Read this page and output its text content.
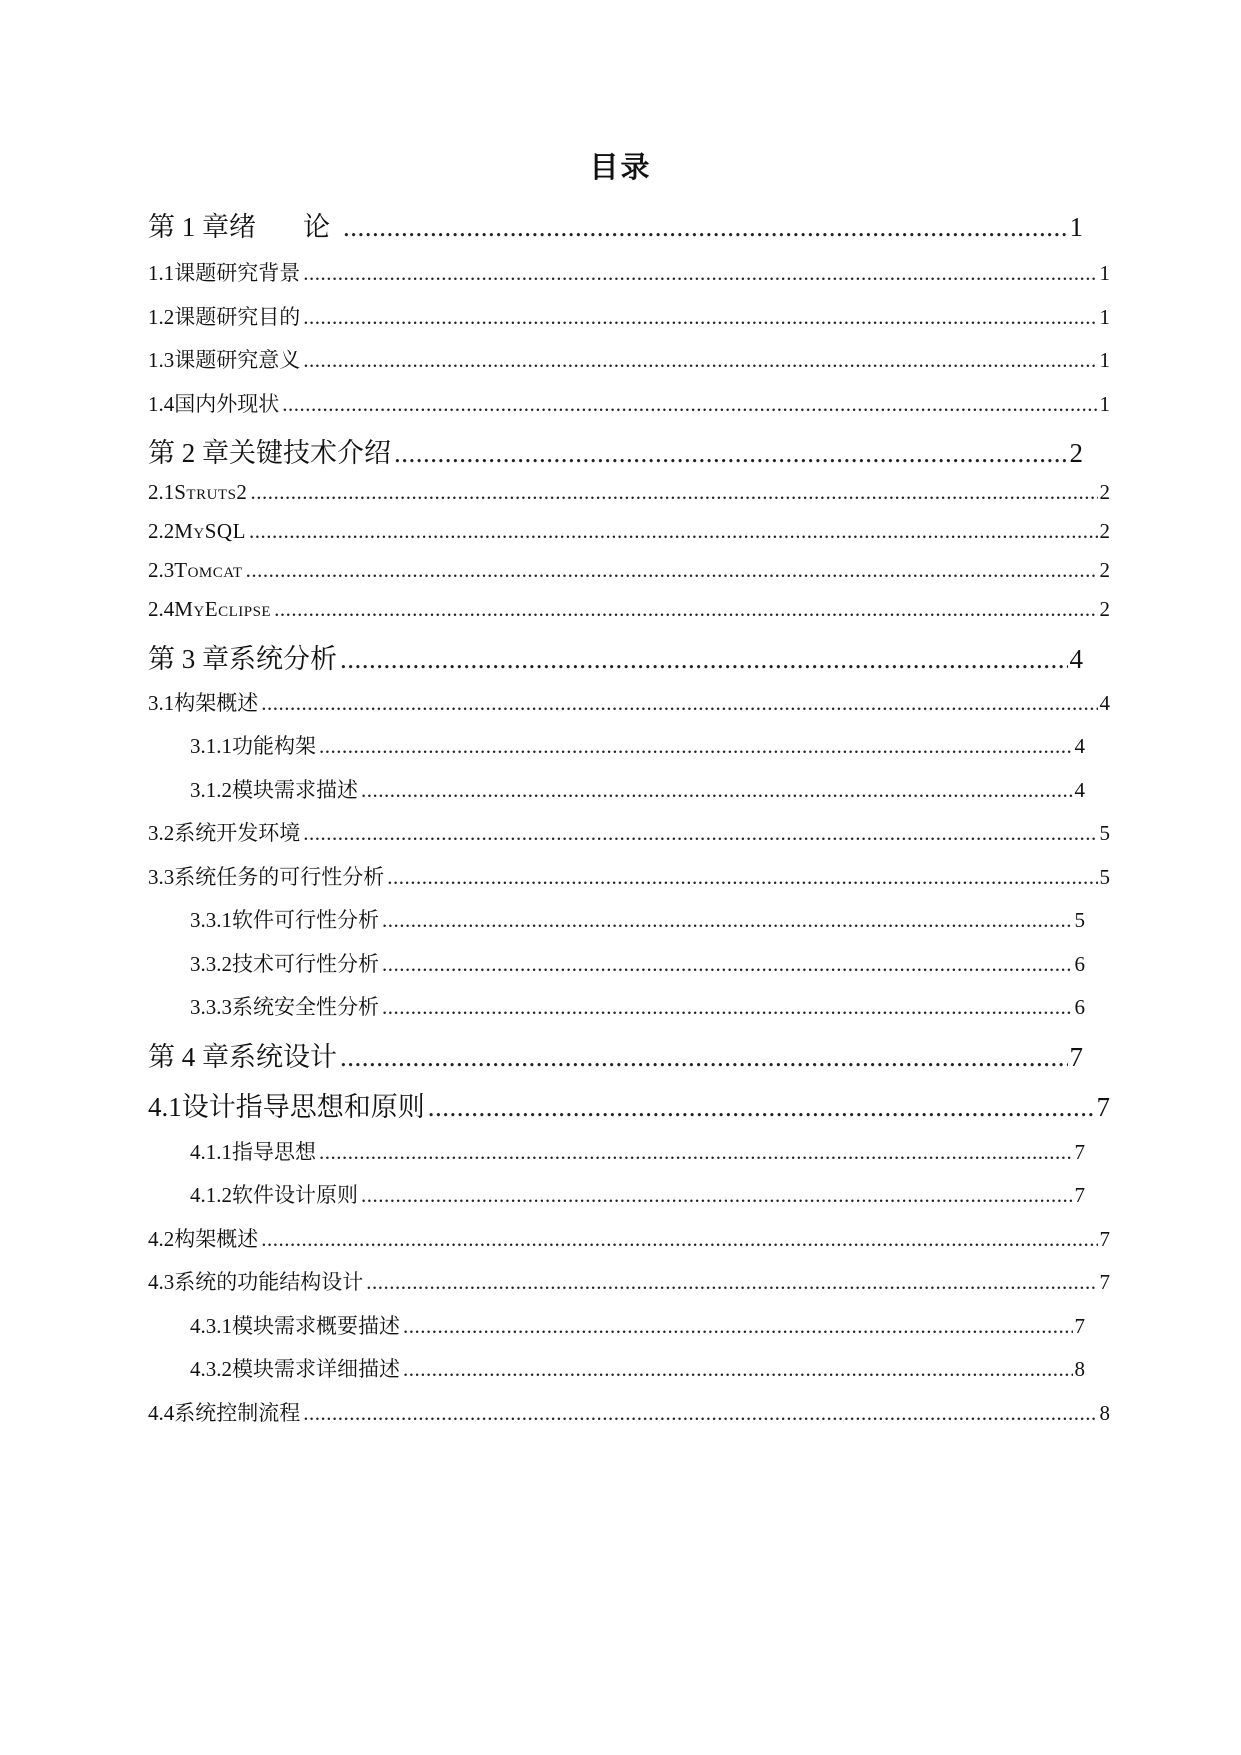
目录
第 1 章 绪　论 .....	1
1.1 课题研究背景 .....	1
1.2 课题研究目的 .....	1
1.3 课题研究意义 .....	1
1.4 国内外现状 .....	1
第 2 章 关键技术介绍 .....	2
2.1 Struts2 .....	2
2.2 MySQL .....	2
2.3 Tomcat .....	2
2.4 MyEclipse .....	2
第 3 章 系统分析 .....	4
3.1 构架概述 .....	4
3.1.1 功能构架 .....	4
3.1.2 模块需求描述 .....	4
3.2 系统开发环境 .....	5
3.3 系统任务的可行性分析 .....	5
3.3.1 软件可行性分析 .....	5
3.3.2 技术可行性分析 .....	6
3.3.3 系统安全性分析 .....	6
第 4 章 系统设计 .....	7
4.1 设计指导思想和原则 .....	7
4.1.1 指导思想 .....	7
4.1.2 软件设计原则 .....	7
4.2 构架概述 .....	7
4.3 系统的功能结构设计 .....	7
4.3.1 模块需求概要描述 .....	7
4.3.2 模块需求详细描述 .....	8
4.4 系统控制流程 .....	8
